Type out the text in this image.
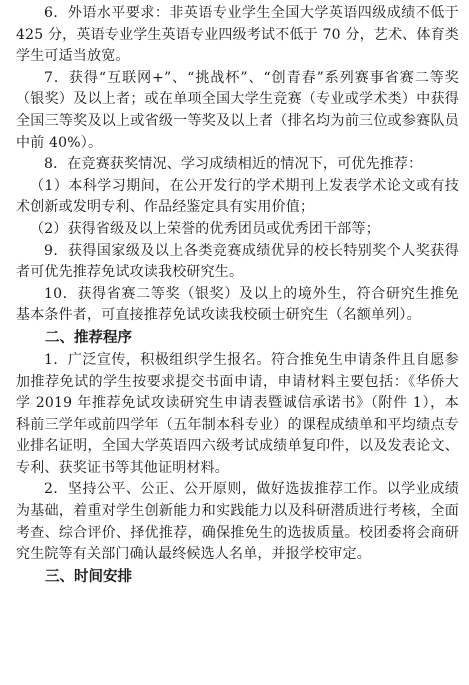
6．外语水平要求：非英语专业学生全国大学英语四级成绩不低于 425 分，英语专业学生英语专业四级考试不低于 70 分，艺术、体育类学生可适当放宽。

7．获得“互联网+”、“挑战杯”、“创青春”系列赛事省赛二等奖（银奖）及以上者；或在单项全国大学生竞赛（专业或学术类）中获得全国三等奖及以上或省级一等奖及以上者（排名均为前三位或参赛队员中前 40%）。

8．在竞赛获奖情况、学习成绩相近的情况下，可优先推荐：

（1）本科学习期间，在公开发行的学术期刊上发表学术论文或有技术创新或发明专利、作品经鉴定具有实用价值；

（2）获得省级及以上荣誉的优秀团员或优秀团干部等；

9．获得国家级及以上各类竞赛成绩优异的校长特别奖个人奖获得者可优先推荐免试攻读我校研究生。

10．获得省赛二等奖（银奖）及以上的境外生，符合研究生推免基本条件者，可直接推荐免试攻读我校硕士研究生（名额单列）。

二、推荐程序

1．广泛宣传，积极组织学生报名。符合推免生申请条件且自愿参加推荐免试的学生按要求提交书面申请，申请材料主要包括：《华侨大学 2019 年推荐免试攻读研究生申请表暨诚信承诺书》（附件 1），本科前三学年或前四学年（五年制本科专业）的课程成绩单和平均绩点专业排名证明，全国大学英语四六级考试成绩单复印件，以及发表论文、专利、获奖证书等其他证明材料。

2．坚持公平、公正、公开原则，做好选拔推荐工作。以学业成绩为基础，着重对学生创新能力和实践能力以及科研潜质进行考核，全面考查、综合评价、择优推荐，确保推免生的选拔质量。校团委将会商研究生院等有关部门确认最终候选人名单，并报学校审定。

三、时间安排
